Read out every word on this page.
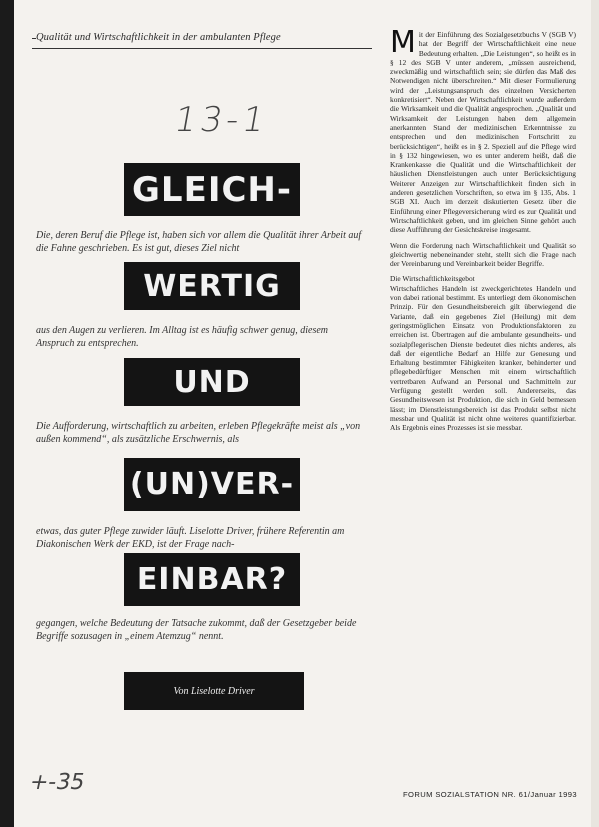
Qualität und Wirtschaftlichkeit in der ambulanten Pflege
13-1
GLEICH-
Die, deren Beruf die Pflege ist, haben sich vor allem die Qualität ihrer Arbeit auf die Fahne geschrieben. Es ist gut, dieses Ziel nicht
WERTIG
aus den Augen zu verlieren. Im Alltag ist es häufig schwer genug, diesem Anspruch zu entsprechen.
UND
Die Aufforderung, wirtschaftlich zu arbeiten, erleben Pflegekräfte meist als „von außen kommend“, als zusätzliche Erschwernis, als
(UN)VER-
etwas, das guter Pflege zuwider läuft. Liselotte Driver, frühere Referentin am Diakonischen Werk der EKD, ist der Frage nach-
EINBAR?
gegangen, welche Bedeutung der Tatsache zukommt, daß der Gesetzgeber beide Begriffe sozusagen in „einem Atemzug“ nennt.
Von Liselotte Driver
+-35

Mit der Einführung des Sozialgesetzbuchs V (SGB V) hat der Begriff der Wirtschaftlichkeit eine neue Bedeutung erhalten. „Die Leistungen“, so heißt es in § 12 des SGB V unter anderem, „müssen ausreichend, zweckmäßig und wirtschaftlich sein; sie dürfen das Maß des Notwendigen nicht überschreiten.“ Mit dieser Formulierung wird der „Leistungsanspruch des einzelnen Versicherten konkretisiert“. Neben der Wirtschaftlichkeit wurde außerdem die Wirksamkeit und die Qualität angesprochen. „Qualität und Wirksamkeit der Leistungen haben dem allgemein anerkannten Stand der medizinischen Erkenntnisse zu entsprechen und den medizinischen Fortschritt zu berücksichtigen“, heißt es in § 2. Speziell auf die Pflege wird in § 132 hingewiesen, wo es unter anderem heißt, daß die Krankenkasse die Qualität und die Wirtschaftlichkeit der häuslichen Dienstleistungen auch unter Berücksichtigung Weiterer Anzeigen zur Wirtschaftlichkeit finden sich in anderen gesetzlichen Vorschriften, so etwa im § 135, Abs. 1 SGB XI. Auch im derzeit diskutierten Gesetz über die Einführung einer Pflegeversicherung wird es zur Qualität und Wirtschaftlichkeit geben, und im gleichen Sinne gehört auch diese Aufführung der Gesichtskreise insgesamt.

Wenn die Forderung nach Wirtschaftlichkeit und Qualität so gleichwertig nebeneinander steht, stellt sich die Frage nach der Vereinbarung und Vereinbarkeit beider Begriffe.

Die Wirtschaftlichkeitsgebot

Wirtschaftliches Handeln ist zweckgerichtetes Handeln und von dabei rational bestimmt. Es unterliegt dem ökonomischen Prinzip. Für den Gesundheitsbereich gilt überwiegend die Variante, daß ein gegebenes Ziel (Heilung) mit dem geringstmöglichen Einsatz von Produktionsfaktoren zu erreichen ist. Übertragen auf die ambulante gesundheits- und sozialpflegerischen Dienste bedeutet dies nichts anderes, als daß der eigentliche Bedarf an Hilfe zur Genesung und Erhaltung bestimmter Fähigkeiten kranker, behinderter und pflegebedürftiger Menschen mit einem wirtschaftlich vertretbaren Aufwand an Personal und Sachmitteln zur Verfügung gestellt werden soll. Andererseits, das Gesundheitswesen ist Produktion, die sich in Geld bemessen lässt; im Dienstleistungsbereich ist das Produkt selbst nicht messbar und Qualität ist nicht ohne weiteres quantifizierbar. Als Ergebnis eines Prozesses ist sie messbar.

FORUM SOZIALSTATION NR. 61/Januar 1993
